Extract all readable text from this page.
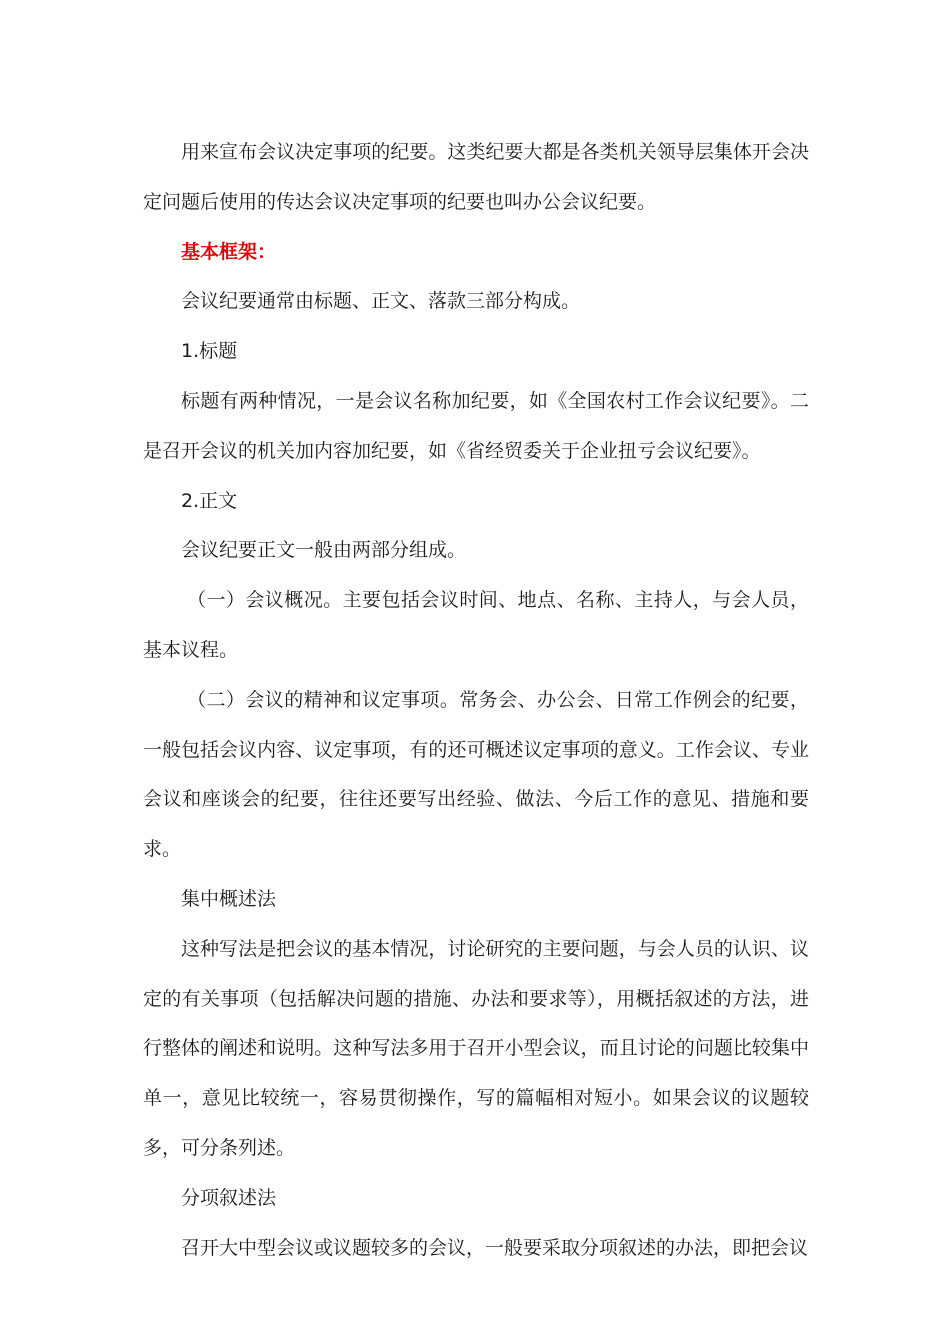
用来宣布会议决定事项的纪要。这类纪要大都是各类机关领导层集体开会决定问题后使用的传达会议决定事项的纪要也叫办公会议纪要。

基本框架：

会议纪要通常由标题、正文、落款三部分构成。

1.标题

标题有两种情况，一是会议名称加纪要，如《全国农村工作会议纪要》。二是召开会议的机关加内容加纪要，如《省经贸委关于企业扭亏会议纪要》。

2.正文

会议纪要正文一般由两部分组成。

（一）会议概况。主要包括会议时间、地点、名称、主持人，与会人员，基本议程。

（二）会议的精神和议定事项。常务会、办公会、日常工作例会的纪要，一般包括会议内容、议定事项，有的还可概述议定事项的意义。工作会议、专业会议和座谈会的纪要，往往还要写出经验、做法、今后工作的意见、措施和要求。

集中概述法

这种写法是把会议的基本情况，讨论研究的主要问题，与会人员的认识、议定的有关事项（包括解决问题的措施、办法和要求等），用概括叙述的方法，进行整体的阐述和说明。这种写法多用于召开小型会议，而且讨论的问题比较集中单一，意见比较统一，容易贯彻操作，写的篇幅相对短小。如果会议的议题较多，可分条列述。

分项叙述法

召开大中型会议或议题较多的会议，一般要采取分项叙述的办法，即把会议
